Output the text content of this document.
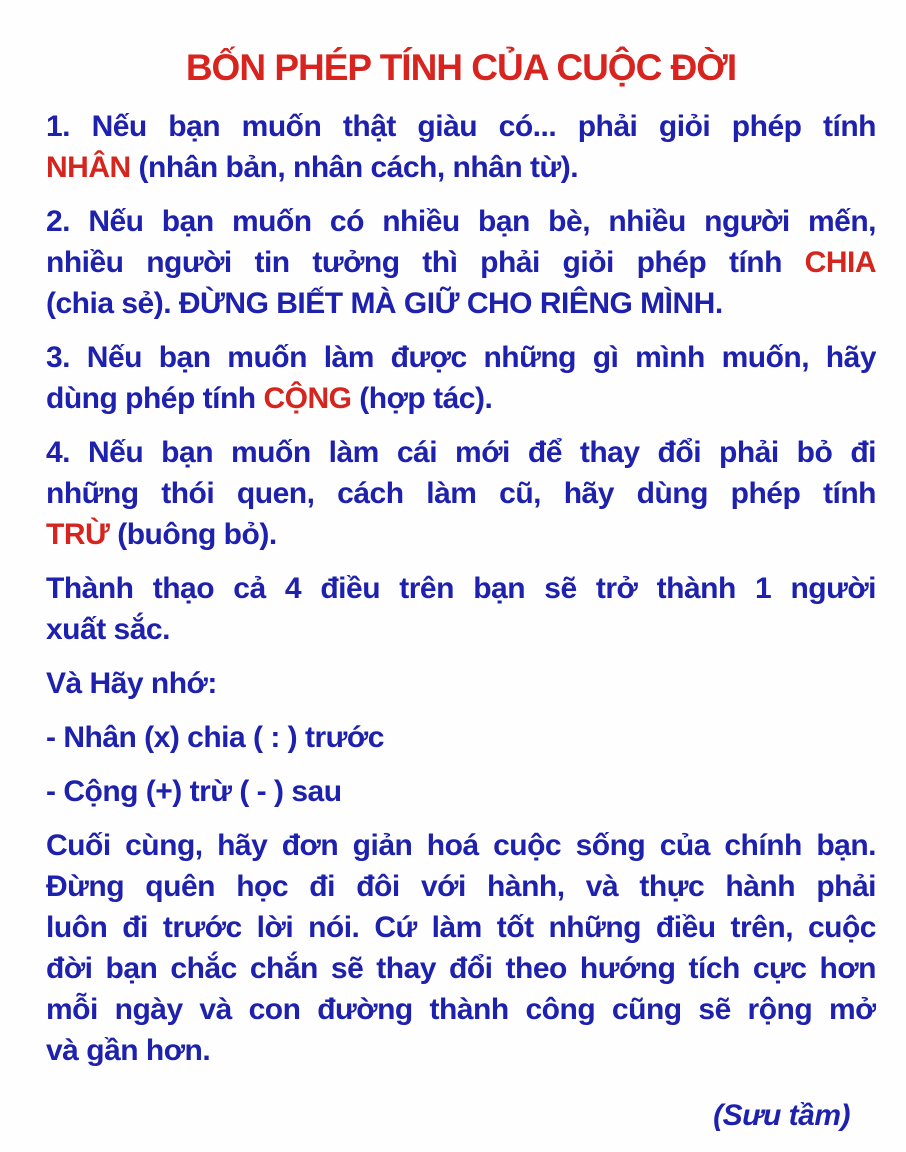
BỐN PHÉP TÍNH CỦA CUỘC ĐỜI
1. Nếu bạn muốn thật giàu có... phải giỏi phép tính
NHÂN (nhân bản, nhân cách, nhân từ).
2. Nếu bạn muốn có nhiều bạn bè, nhiều người mến,
nhiều người tin tưởng thì phải giỏi phép tính CHIA
(chia sẻ). ĐỪNG BIẾT MÀ GIỮ CHO RIÊNG MÌNH.
3. Nếu bạn muốn làm được những gì mình muốn, hãy
dùng phép tính CỘNG (hợp tác).
4. Nếu bạn muốn làm cái mới để thay đổi phải bỏ đi
những thói quen, cách làm cũ, hãy dùng phép tính
TRỪ (buông bỏ).
Thành thạo cả 4 điều trên bạn sẽ trở thành 1 người
xuất sắc.
Và Hãy nhớ:
- Nhân (x) chia ( : ) trước
- Cộng (+) trừ ( - ) sau
Cuối cùng, hãy đơn giản hoá cuộc sống của chính bạn.
Đừng quên học đi đôi với hành, và thực hành phải
luôn đi trước lời nói. Cứ làm tốt những điều trên, cuộc
đời bạn chắc chắn sẽ thay đổi theo hướng tích cực hơn
mỗi ngày và con đường thành công cũng sẽ rộng mở
và gần hơn.
(Sưu tầm)
